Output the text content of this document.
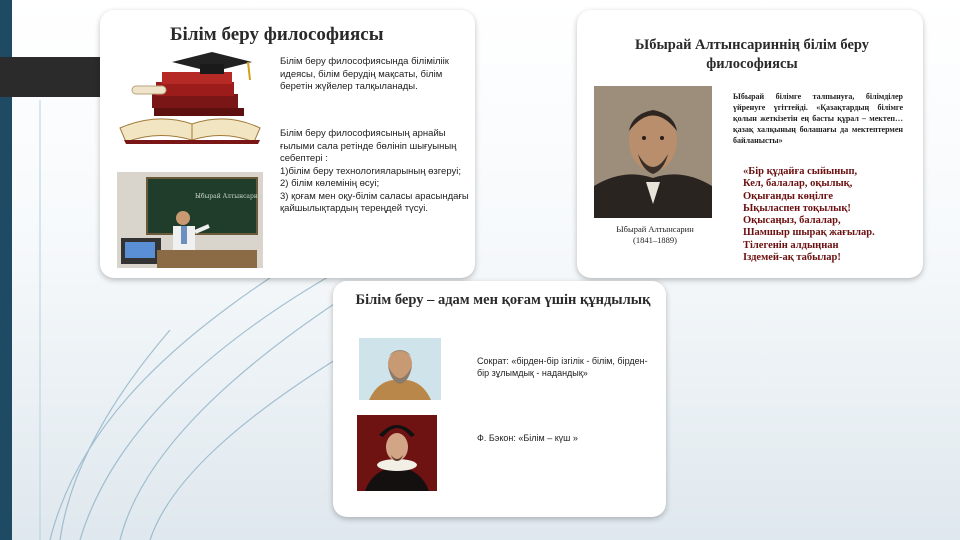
Білім беру философиясы
Білім беру философиясында біліміліік идеясы, білім берудің мақсаты, білім беретін жүйелер талқыланады.
Білім беру философиясының арнайы ғылыми сала ретінде бөлініп шығуының себептері :
1)білім беру технологияларының өзгеруі;
2) білім көлемінің өсуі;
3) қоғам мен оқу-білім саласы арасындағы қайшылықтардың тереңдей түсуі.
Ыбырай Алтынсарин
Ыбырай Алтынсариннің білім беру философиясы
Ыбырай Алтынсарин
(1841–1889)
Ыбырай білімге талпынуға, білімділер үйренуге үгіттейді. «Қазақтардың білімге қолын жеткізетін ең басты құрал – мектеп… қазақ халқының болашағы да мектептермен байланысты»
«Бір құдайға сыйынып,
Кел, балалар, оқылық,
Оқығанды көңілге
Ықыласпен тоқылық!
Оқысаңыз, балалар,
Шамшыр шырақ жағылар.
Тілегенін алдыңнан
Іздемей-ақ табылар!
Білім беру – адам мен қоғам үшін құндылық
Сократ: «бірден-бір ізгілік - білім, бірден-бір зұлымдық - надандық»
Ф. Бэкон: «Білім – күш »
